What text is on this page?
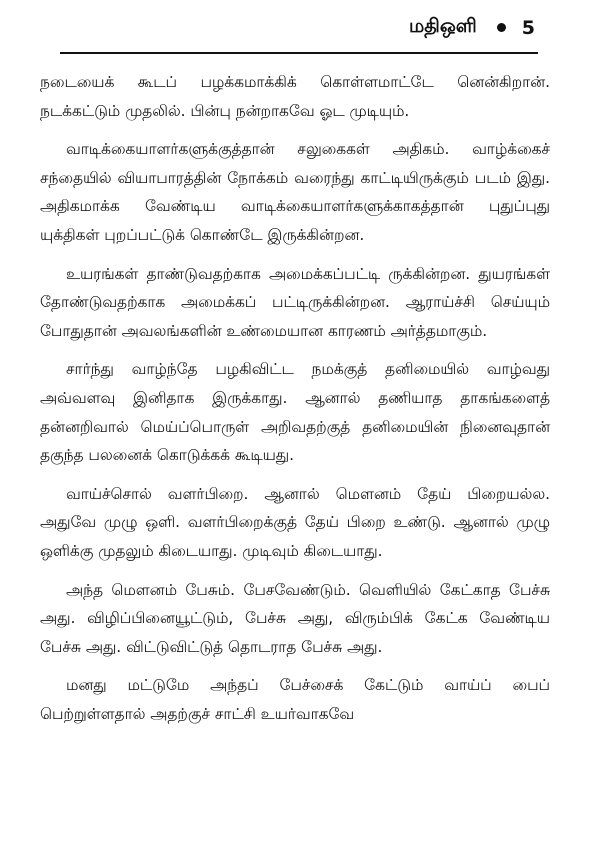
மதிஒளி 5

நடையைக் கூடப் பழக்கமாக்கிக் கொள்ளமாட்டே னென்கிறான். நடக்கட்டும் முதலில். பின்பு நன்றாகவே ஓட முடியும்.

வாடிக்கையாளர்களுக்குத்தான் சலுகைகள் அதிகம். வாழ்க்கைச் சந்தையில் வியாபாரத்தின் நோக்கம் வரைந்து காட்டியிருக்கும் படம் இது. அதிகமாக்க வேண்டிய வாடிக்கையாளர்களுக்காகத்தான் புதுப்புது யுக்திகள் புறப்பட்டுக் கொண்டே இருக்கின்றன.

உயரங்கள் தாண்டுவதற்காக அமைக்கப்பட்டி ருக்கின்றன. துயரங்கள் தோண்டுவதற்காக அமைக்கப் பட்டிருக்கின்றன. ஆராய்ச்சி செய்யும் போதுதான் அவலங்களின் உண்மையான காரணம் அர்த்தமாகும்.

சார்ந்து வாழ்ந்தே பழகிவிட்ட நமக்குத் தனிமையில் வாழ்வது அவ்வளவு இனிதாக இருக்காது. ஆனால் தணியாத தாகங்களைத் தன்னறிவால் மெய்ப்பொருள் அறிவதற்குத் தனிமையின் நினைவுதான் தகுந்த பலனைக் கொடுக்கக் கூடியது.

வாய்ச்சொல் வளர்பிறை. ஆனால் மௌனம் தேய் பிறையல்ல. அதுவே முழு ஒளி. வளர்பிறைக்குத் தேய் பிறை உண்டு. ஆனால் முழு ஒளிக்கு முதலும் கிடையாது. முடிவும் கிடையாது.

அந்த மௌனம் பேசும். பேசவேண்டும். வெளியில் கேட்காத பேச்சு அது. விழிப்பினையூட்டும், பேச்சு அது, விரும்பிக் கேட்க வேண்டிய பேச்சு அது. விட்டுவிட்டுத் தொடராத பேச்சு அது.

மனது மட்டுமே அந்தப் பேச்சைக் கேட்டும் வாய்ப் பைப் பெற்றுள்ளதால் அதற்குச் சாட்சி உயர்வாகவே
